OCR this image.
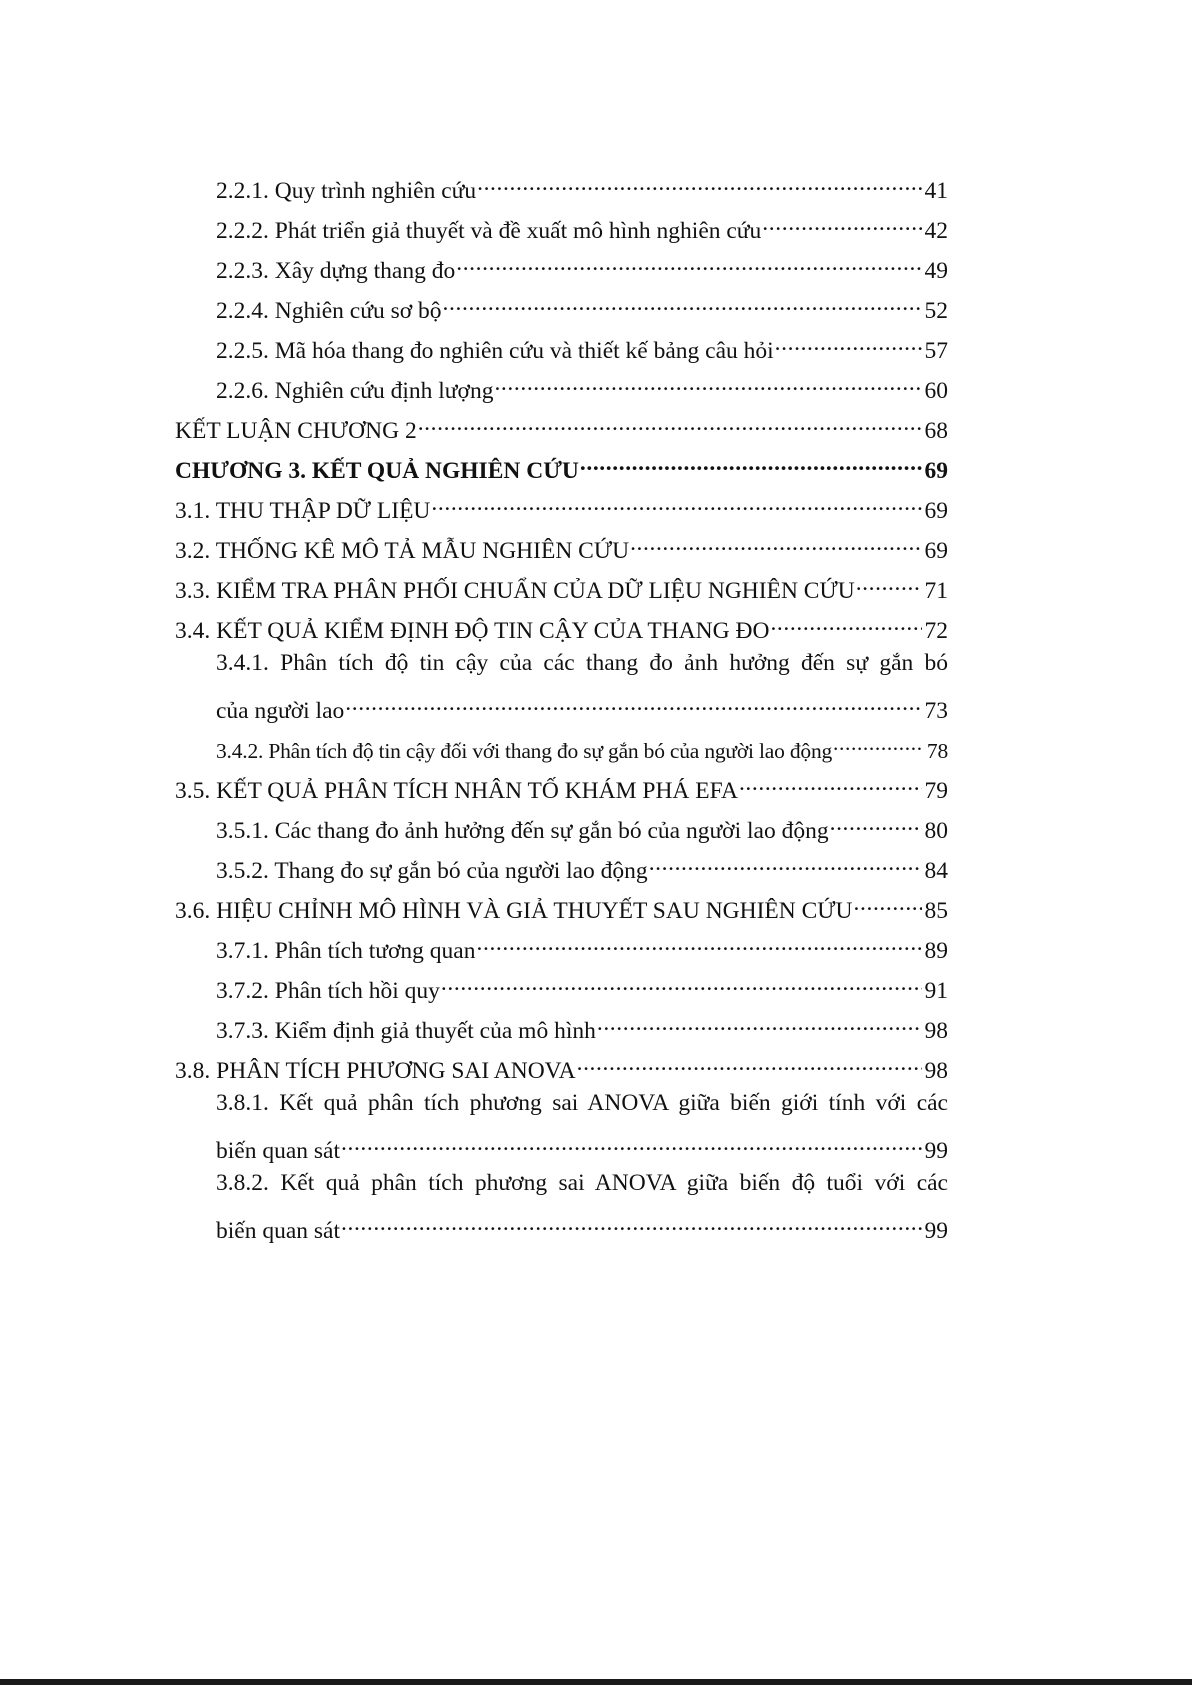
2.2.1. Quy trình nghiên cứu .....	41
2.2.2. Phát triển giả thuyết và đề xuất mô hình nghiên cứu .....	42
2.2.3. Xây dựng thang đo .....	49
2.2.4. Nghiên cứu sơ bộ .....	52
2.2.5. Mã hóa thang đo nghiên cứu và thiết kế bảng câu hỏi .....	57
2.2.6. Nghiên cứu định lượng .....	60
KẾT LUẬN CHƯƠNG 2 .....	68
CHƯƠNG 3. KẾT QUẢ NGHIÊN CỨU .....	69
3.1. THU THẬP DỮ LIỆU .....	69
3.2. THỐNG KÊ MÔ TẢ MẪU NGHIÊN CỨU .....	69
3.3. KIỂM TRA PHÂN PHỐI CHUẨN CỦA DỮ LIỆU NGHIÊN CỨU .....	71
3.4. KẾT QUẢ KIỂM ĐỊNH ĐỘ TIN CẬY CỦA THANG ĐO .....	72
3.4.1. Phân tích độ tin cậy của các thang đo ảnh hưởng đến sự gắn bó
của người lao .....	73
3.4.2. Phân tích độ tin cậy đối với thang đo sự gắn bó của người lao động .....	78
3.5. KẾT QUẢ PHÂN TÍCH NHÂN TỐ KHÁM PHÁ EFA .....	79
3.5.1. Các thang đo ảnh hưởng đến sự gắn bó của người lao động .....	80
3.5.2. Thang đo sự gắn bó của người lao động .....	84
3.6. HIỆU CHỈNH MÔ HÌNH VÀ GIẢ THUYẾT SAU NGHIÊN CỨU .....	85
3.7.1. Phân tích tương quan .....	89
3.7.2. Phân tích hồi quy .....	91
3.7.3. Kiểm định giả thuyết của mô hình .....	98
3.8. PHÂN TÍCH PHƯƠNG SAI ANOVA .....	98
3.8.1. Kết quả phân tích phương sai ANOVA giữa biến giới tính với các
biến quan sát .....	99
3.8.2. Kết quả phân tích phương sai ANOVA giữa biến độ tuổi với các
biến quan sát .....	99
